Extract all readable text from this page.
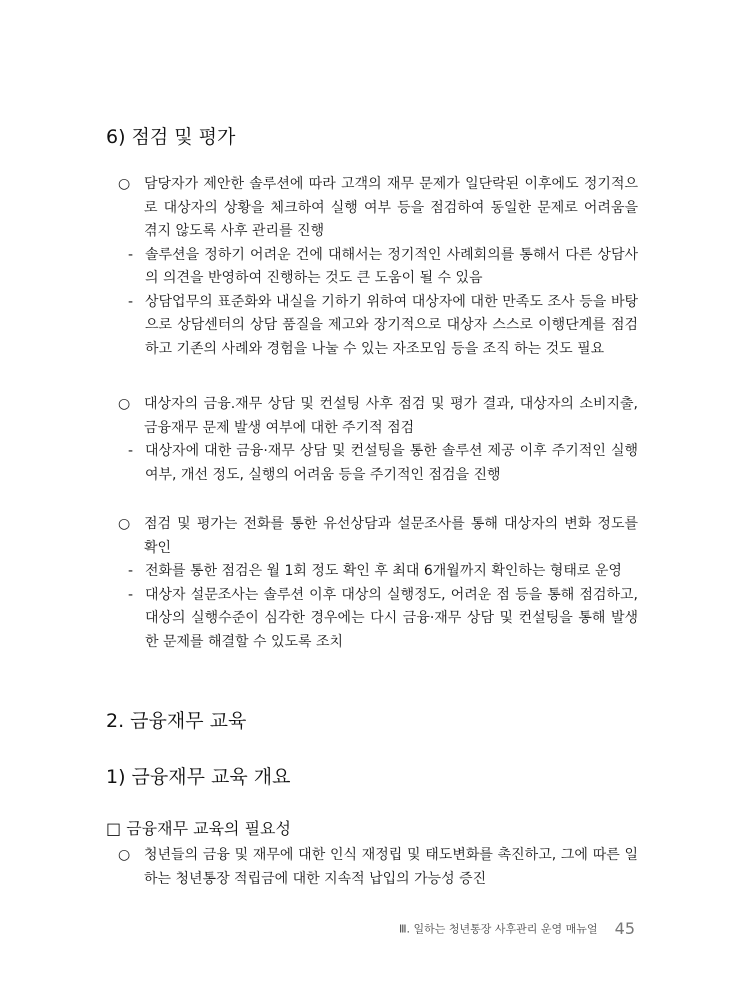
6) 점검 및 평가
○ 담당자가 제안한 솔루션에 따라 고객의 재무 문제가 일단락된 이후에도 정기적으로 대상자의 상황을 체크하여 실행 여부 등을 점검하여 동일한 문제로 어려움을 겪지 않도록 사후 관리를 진행
- 솔루션을 정하기 어려운 건에 대해서는 정기적인 사례회의를 통해서 다른 상담사의 의견을 반영하여 진행하는 것도 큰 도움이 될 수 있음
- 상담업무의 표준화와 내실을 기하기 위하여 대상자에 대한 만족도 조사 등을 바탕으로 상담센터의 상담 품질을 제고와 장기적으로 대상자 스스로 이행단계를 점검하고 기존의 사례와 경험을 나눌 수 있는 자조모임 등을 조직 하는 것도 필요
○ 대상자의 금융.재무 상담 및 컨설팅 사후 점검 및 평가 결과, 대상자의 소비지출, 금융재무 문제 발생 여부에 대한 주기적 점검
- 대상자에 대한 금융·재무 상담 및 컨설팅을 통한 솔루션 제공 이후 주기적인 실행 여부, 개선 정도, 실행의 어려움 등을 주기적인 점검을 진행
○ 점검 및 평가는 전화를 통한 유선상담과 설문조사를 통해 대상자의 변화 정도를 확인
- 전화를 통한 점검은 월 1회 정도 확인 후 최대 6개월까지 확인하는 형태로 운영
- 대상자 설문조사는 솔루션 이후 대상의 실행정도, 어려운 점 등을 통해 점검하고, 대상의 실행수준이 심각한 경우에는 다시 금융·재무 상담 및 컨설팅을 통해 발생한 문제를 해결할 수 있도록 조치
2. 금융재무 교육
1) 금융재무 교육 개요
□ 금융재무 교육의 필요성
○ 청년들의 금융 및 재무에 대한 인식 재정립 및 태도변화를 촉진하고, 그에 따른 일하는 청년통장 적립금에 대한 지속적 납입의 가능성 증진
Ⅲ. 일하는 청년통장 사후관리 운영 매뉴얼 45
